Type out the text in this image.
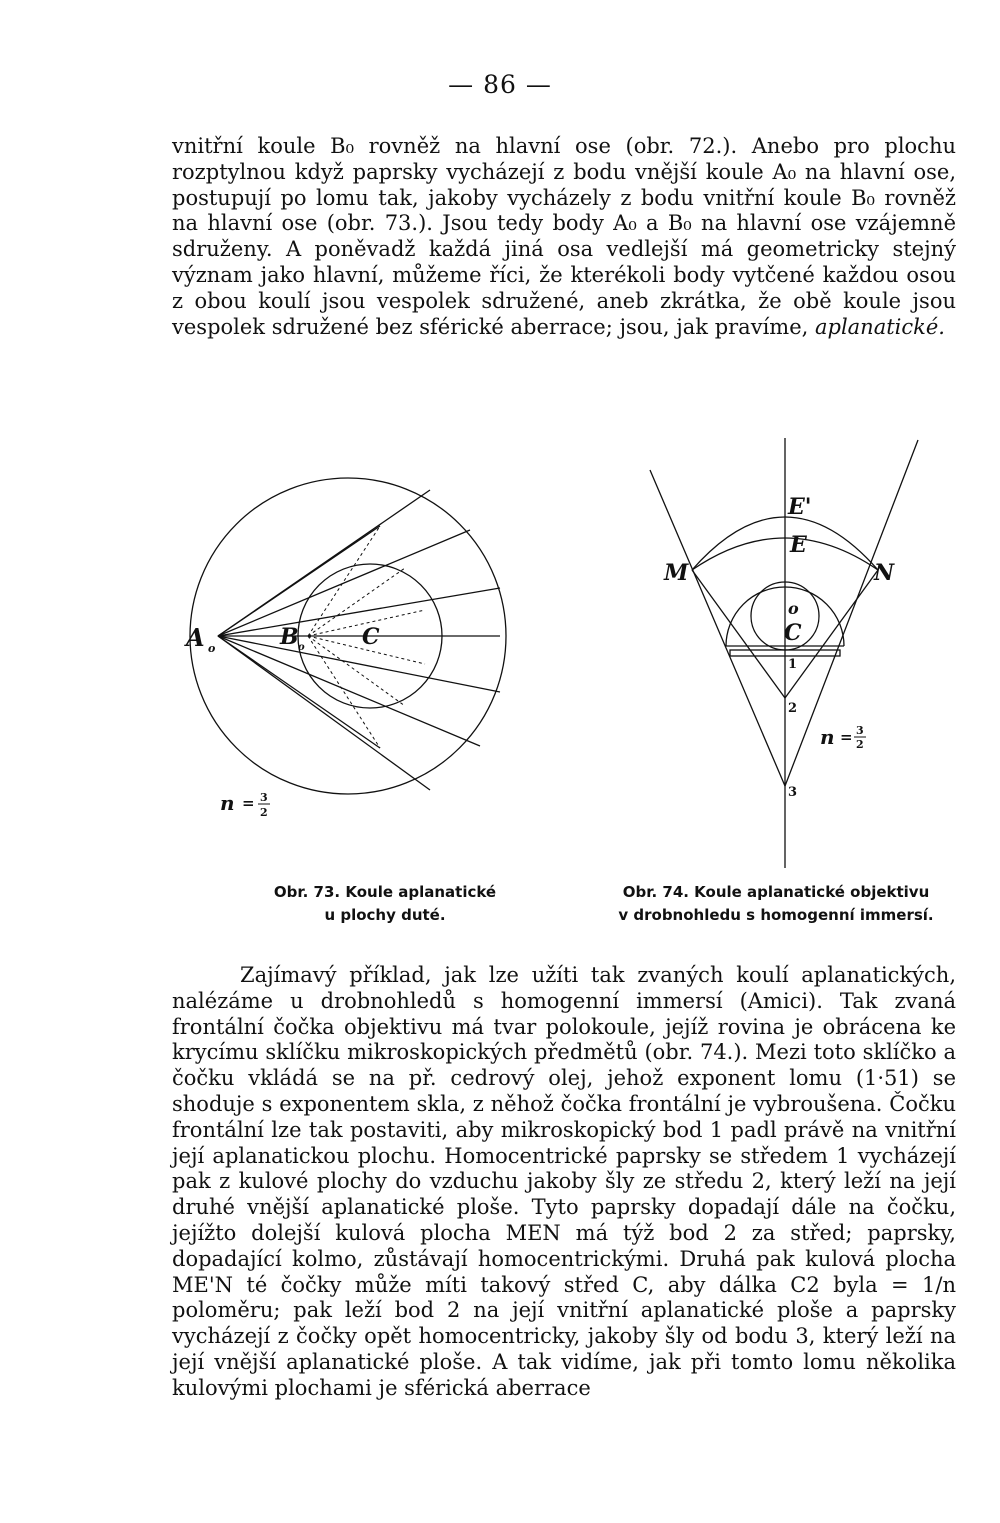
— 86 —

vnitřní koule B₀ rovněž na hlavní ose (obr. 72.). Anebo pro plochu rozptylnou když paprsky vycházejí z bodu vnější koule A₀ na hlavní ose, postupují po lomu tak, jakoby vycházely z bodu vnitřní koule B₀ rovněž na hlavní ose (obr. 73.). Jsou tedy body A₀ a B₀ na hlavní ose vzájemně sdruženy. A poněvadž každá jiná osa vedlejší má geometricky stejný význam jako hlavní, můžeme říci, že kterékoli body vytčené každou osou z obou koulí jsou vespolek sdružené, aneb zkrátka, že obě koule jsou vespolek sdružené bez sférické aberrace; jsou, jak pravíme, aplanatické.

A o	B o	C
n = 3
2
E'
E
M	N
o
C
1
2
3
n = 3
2
Obr. 73. Koule aplanatické
u plochy duté.
Obr. 74. Koule aplanatické objektivu
v drobnohledu s homogenní immersí.

Zajímavý příklad, jak lze užíti tak zvaných koulí aplanatických, nalézáme u drobnohledů s homogenní immersí (Amici). Tak zvaná frontální čočka objektivu má tvar polokoule, jejíž rovina je obrácena ke krycímu sklíčku mikroskopických předmětů (obr. 74.). Mezi toto sklíčko a čočku vkládá se na př. cedrový olej, jehož exponent lomu (1·51) se shoduje s exponentem skla, z něhož čočka frontální je vybroušena. Čočku frontální lze tak postaviti, aby mikroskopický bod 1 padl právě na vnitřní její aplanatickou plochu. Homocentrické paprsky se středem 1 vycházejí pak z kulové plochy do vzduchu jakoby šly ze středu 2, který leží na její druhé vnější aplanatické ploše. Tyto paprsky dopadají dále na čočku, jejížto dolejší kulová plocha MEN má týž bod 2 za střed; paprsky, dopadající kolmo, zůstávají homocentrickými. Druhá pak kulová plocha ME'N té čočky může míti takový střed C, aby dálka C2 byla = 1/n poloměru; pak leží bod 2 na její vnitřní aplanatické ploše a paprsky vycházejí z čočky opět homocentricky, jakoby šly od bodu 3, který leží na její vnější aplanatické ploše. A tak vidíme, jak při tomto lomu několika kulovými plochami je sférická aberrace
